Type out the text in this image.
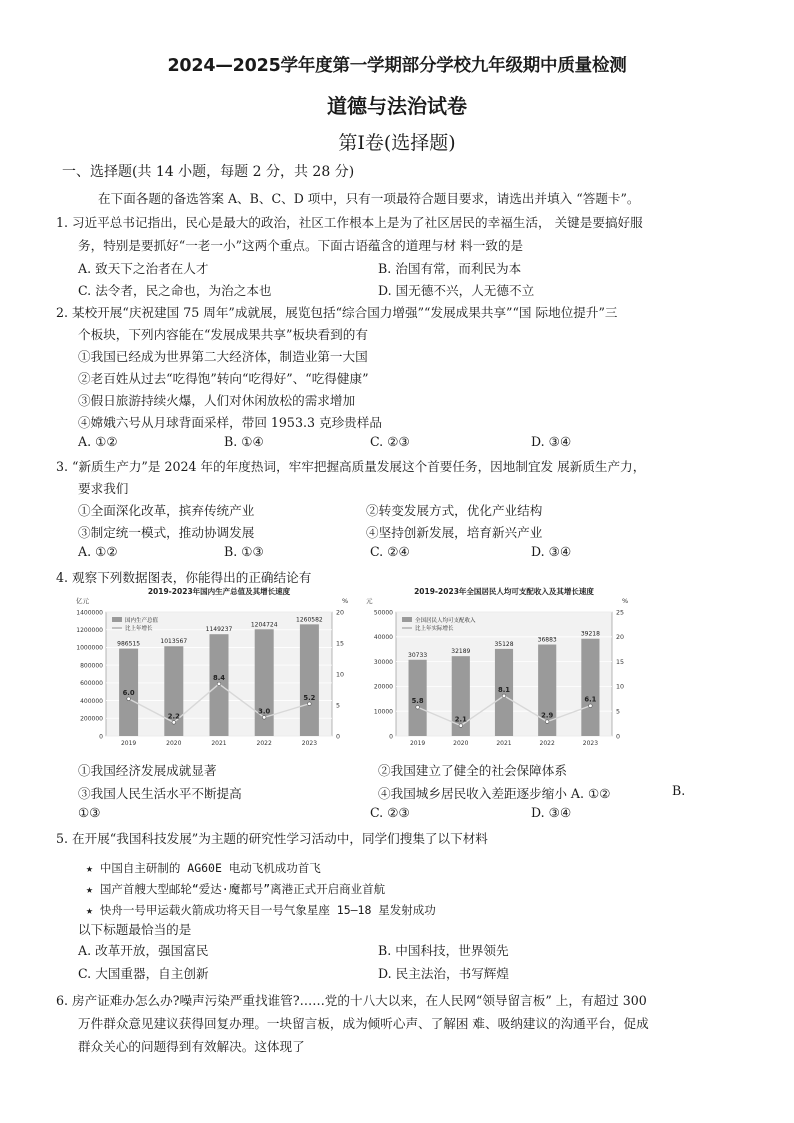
2024—2025学年度第一学期部分学校九年级期中质量检测
道德与法治试卷
第Ⅰ卷(选择题)
一、选择题(共 14 小题，每题 2 分，共 28 分)
在下面各题的备选答案 A、B、C、D 项中，只有一项最符合题目要求，请选出并填入 “答题卡”。
1. 习近平总书记指出，民心是最大的政治，社区工作根本上是为了社区居民的幸福生活， 关键是要搞好服
务，特别是要抓好“一老一小”这两个重点。下面古语蕴含的道理与材 料一致的是
A. 致天下之治者在人才	B. 治国有常，而利民为本
C. 法令者，民之命也，为治之本也	D. 国无德不兴，人无德不立
2. 某校开展“庆祝建国 75 周年”成就展，展览包括“综合国力增强”“发展成果共享”“国 际地位提升”三
个板块，下列内容能在“发展成果共享”板块看到的有
①我国已经成为世界第二大经济体，制造业第一大国
②老百姓从过去“吃得饱”转向“吃得好”、“吃得健康”
③假日旅游持续火爆，人们对休闲放松的需求增加
④嫦娥六号从月球背面采样，带回 1953.3 克珍贵样品
A. ①②	B. ①④	C. ②③	D. ③④
3. “新质生产力”是 2024 年的年度热词，牢牢把握高质量发展这个首要任务，因地制宜发 展新质生产力，
要求我们
①全面深化改革，摈弃传统产业	②转变发展方式，优化产业结构
③制定统一模式，推动协调发展	④坚持创新发展，培育新兴产业
A. ①②	B. ①③	C. ②④	D. ③④
4. 观察下列数据图表，你能得出的正确结论有
2019-2023年国内生产总值及其增长速度
亿元	%
0
200000
400000
600000
800000
1000000
1200000
1400000
0
5
10
15
20
986515
2019
1013567
2020
1149237
2021
1204724
2022
1260582
2023
6.0
2.2
8.4
3.0
5.2
国内生产总值
比上年增长
2019-2023年全国居民人均可支配收入及其增长速度
元	%
0
10000
20000
30000
40000
50000
0
5
10
15
20
25
30733
2019
32189
2020
35128
2021
36883
2022
39218
2023
5.8
2.1
8.1
2.9
6.1
全国居民人均可支配收入
比上年实际增长
①我国经济发展成就显著	②我国建立了健全的社会保障体系
③我国人民生活水平不断提高	④我国城乡居民收入差距逐步缩小 A. ①②	B.
①③	C. ②③	D. ③④
5. 在开展“我国科技发展”为主题的研究性学习活动中，同学们搜集了以下材料
★ 中国自主研制的 AG60E 电动飞机成功首飞
★ 国产首艘大型邮轮“爱达·魔都号”离港正式开启商业首航
★ 快舟一号甲运载火箭成功将天目一号气象星座 15—18 星发射成功
以下标题最恰当的是
A. 改革开放，强国富民	B. 中国科技，世界领先
C. 大国重器，自主创新	D. 民主法治，书写辉煌
6. 房产证难办怎么办?噪声污染严重找谁管?……党的十八大以来，在人民网“领导留言板” 上，有超过 300
万件群众意见建议获得回复办理。一块留言板，成为倾听心声、了解困 难、吸纳建议的沟通平台，促成
群众关心的问题得到有效解决。这体现了
